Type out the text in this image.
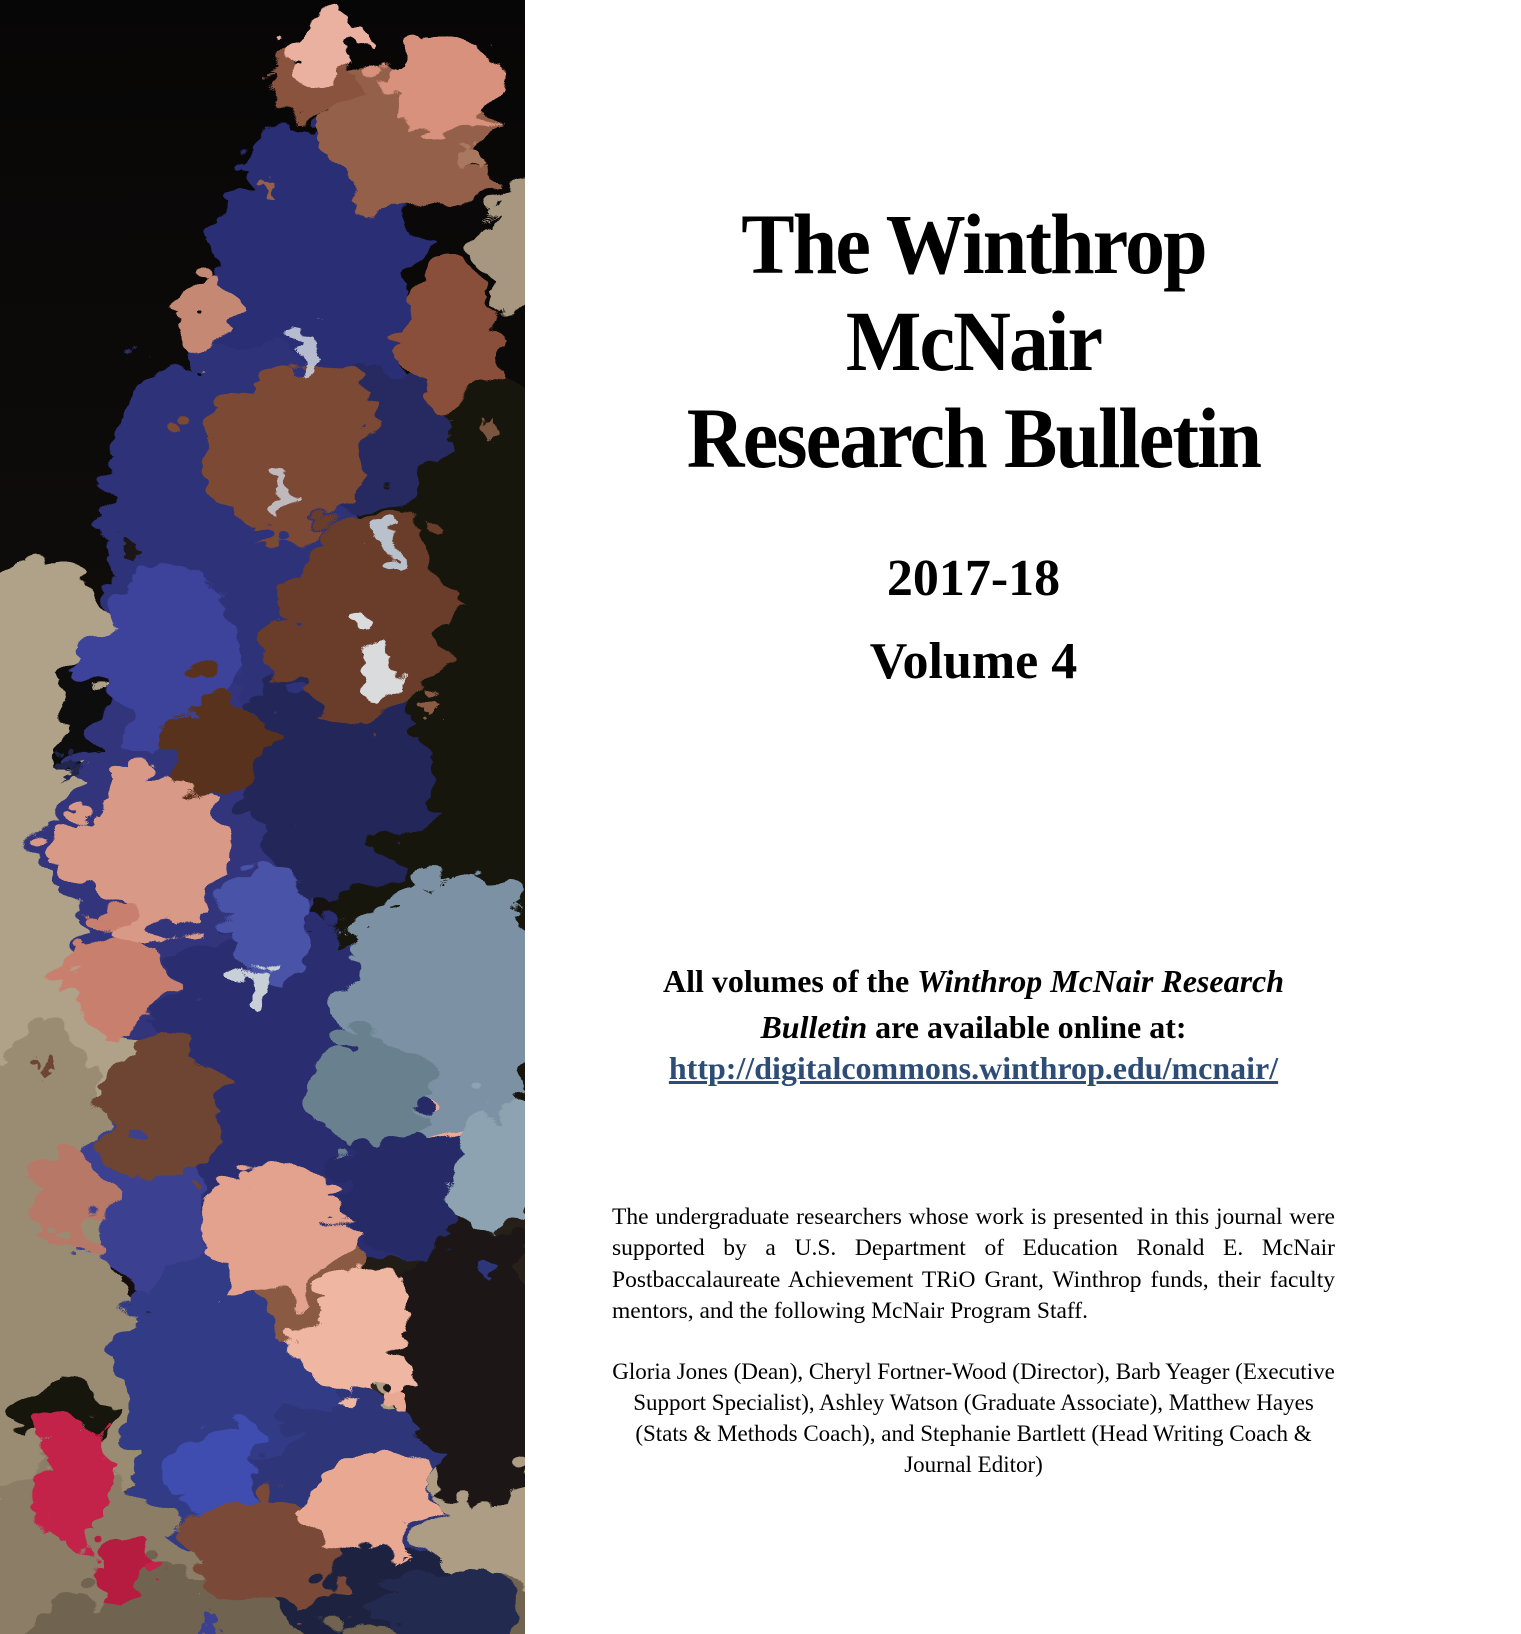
The Winthrop McNair
Research Bulletin
2017-18
Volume 4

All volumes of the Winthrop McNair Research
Bulletin are available online at:

http://digitalcommons.winthrop.edu/mcnair/

The undergraduate researchers whose work is presented in this journal were supported by a U.S. Department of Education Ronald E. McNair Postbaccalaureate Achievement TRiO Grant, Winthrop funds, their faculty mentors, and the following McNair Program Staff.

Gloria Jones (Dean), Cheryl Fortner-Wood (Director), Barb Yeager (Executive Support Specialist), Ashley Watson (Graduate Associate), Matthew Hayes (Stats & Methods Coach), and Stephanie Bartlett (Head Writing Coach & Journal Editor)
